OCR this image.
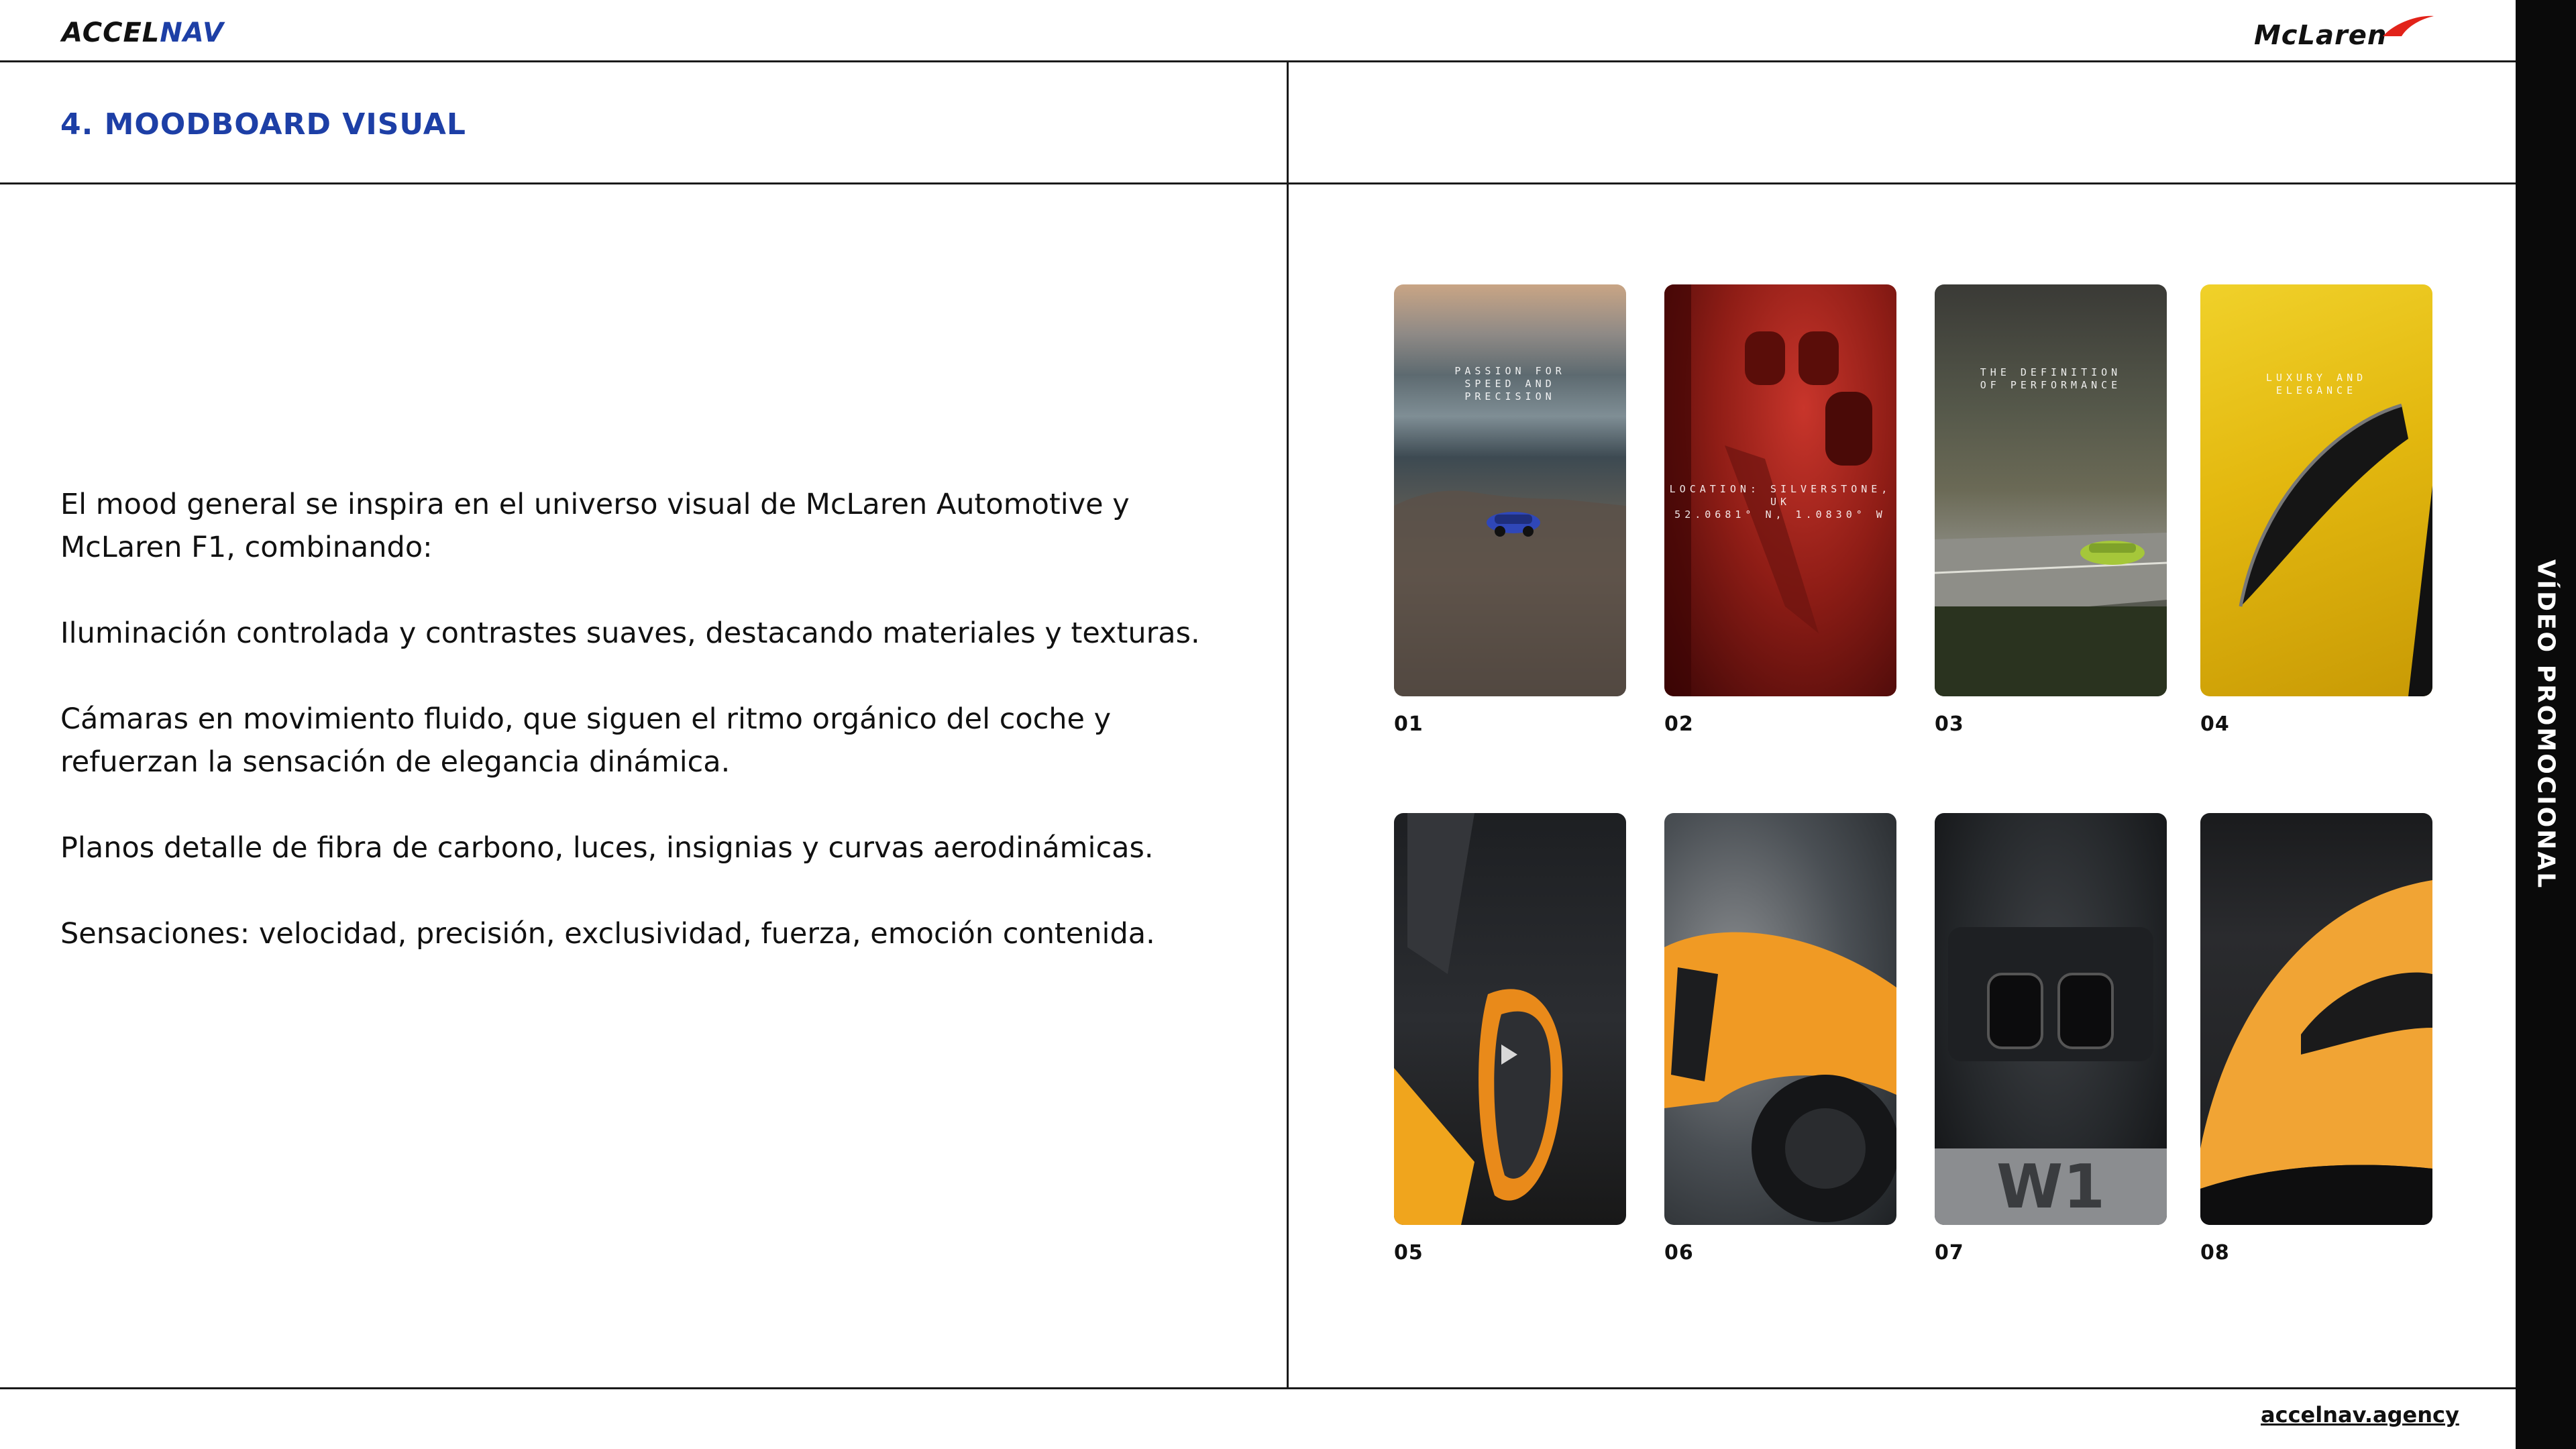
ACCELNAV	McLaren
4. MOODBOARD VISUAL

El mood general se inspira en el universo visual de McLaren Automotive y McLaren F1, combinando:

Iluminación controlada y contrastes suaves, destacando materiales y texturas.

Cámaras en movimiento fluido, que siguen el ritmo orgánico del coche y refuerzan la sensación de elegancia dinámica.

Planos detalle de fibra de carbono, luces, insignias y curvas aerodinámicas.

Sensaciones: velocidad, precisión, exclusividad, fuerza, emoción contenida.

PASSION FOR
SPEED AND
PRECISION
01
LOCATION: SILVERSTONE, UK
52.0681° N, 1.0830° W
02
THE DEFINITION
OF PERFORMANCE
03
LUXURY AND
ELEGANCE
04
05	06
W1
07	08
VÍDEO PROMOCIONAL
accelnav.agency
